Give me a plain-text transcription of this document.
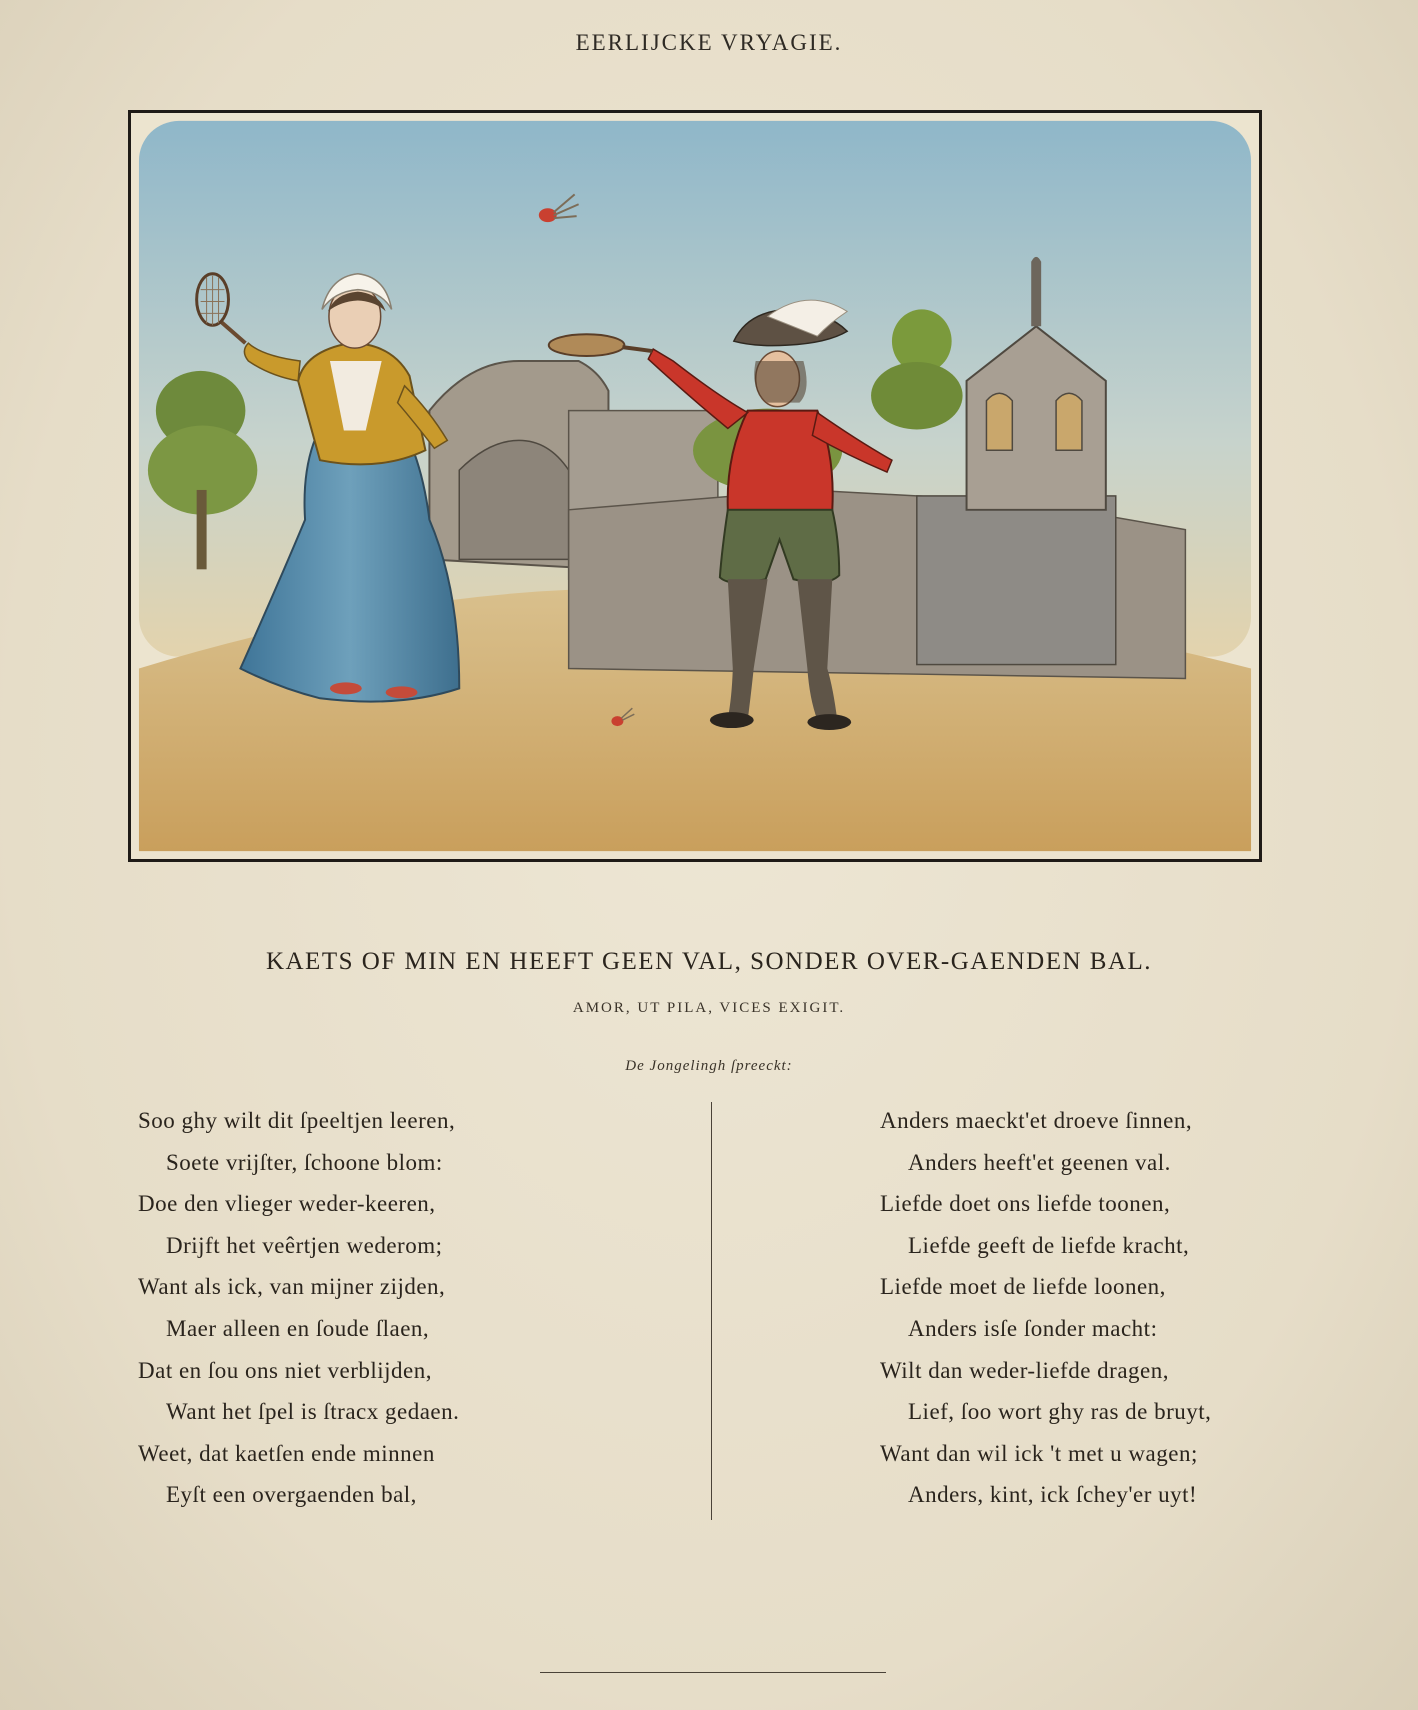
EERLIJCKE VRYAGIE.
KAETS OF MIN EN HEEFT GEEN VAL, SONDER OVER-GAENDEN BAL.
AMOR, UT PILA, VICES EXIGIT.
De Jongelingh ſpreeckt:
Soo ghy wilt dit ſpeeltjen leeren,
Soete vrijſter, ſchoone blom:
Doe den vlieger weder-keeren,
Drijft het veêrtjen wederom;
Want als ick, van mijner zijden,
Maer alleen en ſoude ſlaen,
Dat en ſou ons niet verblijden,
Want het ſpel is ſtracx gedaen.
Weet, dat kaetſen ende minnen
Eyſt een overgaenden bal,
Anders maeckt'et droeve ſinnen,
Anders heeft'et geenen val.
Liefde doet ons liefde toonen,
Liefde geeft de liefde kracht,
Liefde moet de liefde loonen,
Anders isſe ſonder macht:
Wilt dan weder-liefde dragen,
Lief, ſoo wort ghy ras de bruyt,
Want dan wil ick 't met u wagen;
Anders, kint, ick ſchey'er uyt!
